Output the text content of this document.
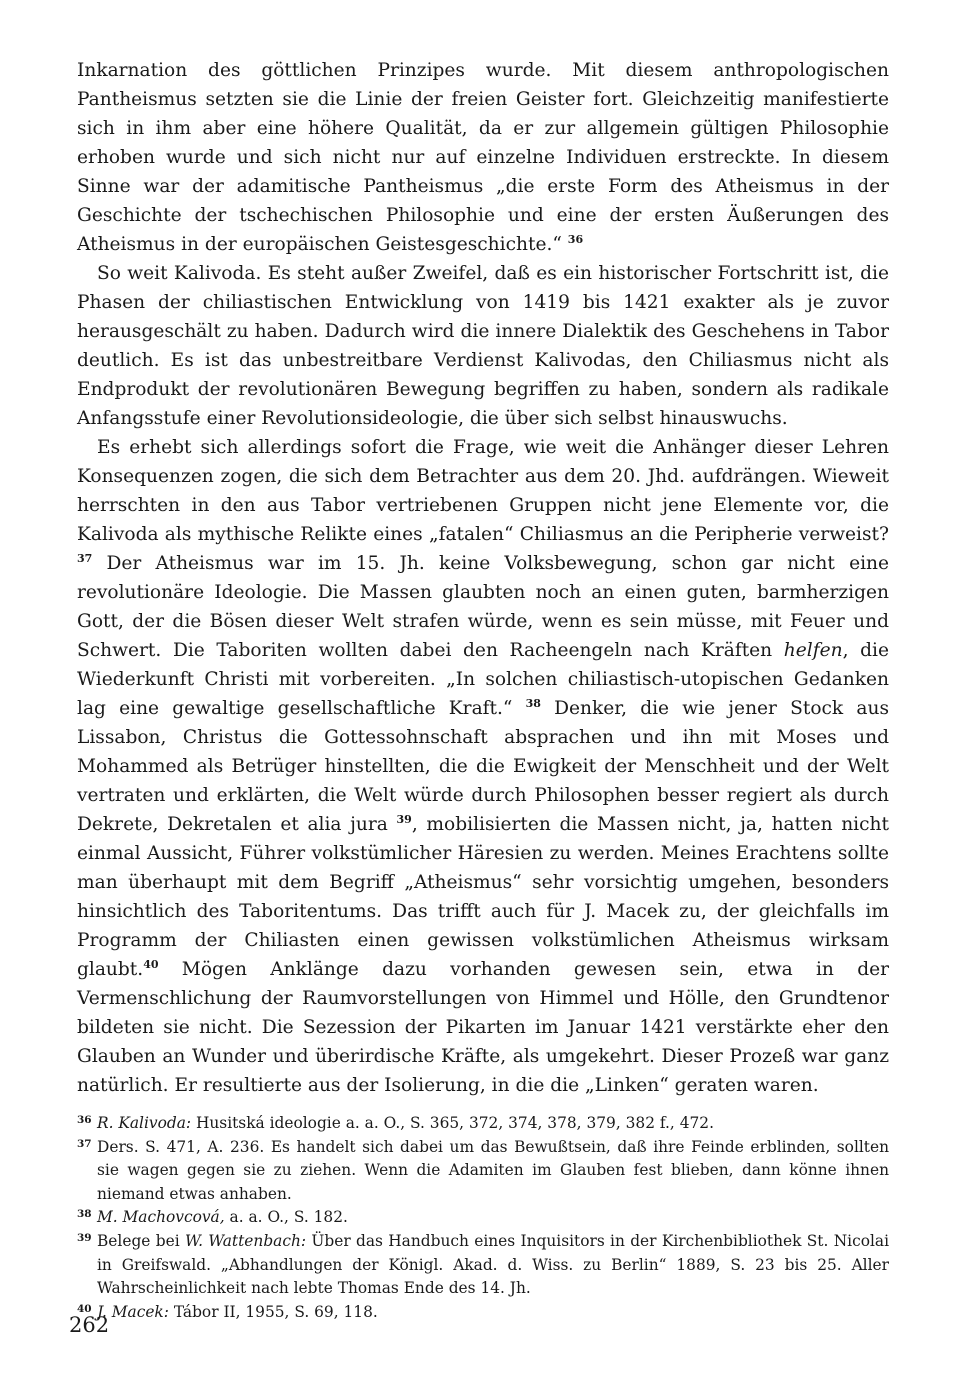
Inkarnation des göttlichen Prinzipes wurde. Mit diesem anthropologischen Pantheismus setzten sie die Linie der freien Geister fort. Gleichzeitig manifestierte sich in ihm aber eine höhere Qualität, da er zur allgemein gültigen Philosophie erhoben wurde und sich nicht nur auf einzelne Individuen erstreckte. In diesem Sinne war der adamitische Pantheismus „die erste Form des Atheismus in der Geschichte der tschechischen Philosophie und eine der ersten Äußerungen des Atheismus in der europäischen Geistesgeschichte.“ $^{36}$

So weit Kalivoda. Es steht außer Zweifel, daß es ein historischer Fortschritt ist, die Phasen der chiliastischen Entwicklung von 1419 bis 1421 exakter als je zuvor herausgeschält zu haben. Dadurch wird die innere Dialektik des Geschehens in Tabor deutlich. Es ist das unbestreitbare Verdienst Kalivodas, den Chiliasmus nicht als Endprodukt der revolutionären Bewegung begriffen zu haben, sondern als radikale Anfangsstufe einer Revolutionsideologie, die über sich selbst hinauswuchs.

Es erhebt sich allerdings sofort die Frage, wie weit die Anhänger dieser Lehren Konsequenzen zogen, die sich dem Betrachter aus dem 20. Jhd. aufdrängen. Wieweit herrschten in den aus Tabor vertriebenen Gruppen nicht jene Elemente vor, die Kalivoda als mythische Relikte eines „fatalen“ Chiliasmus an die Peripherie verweist? $^{37}$ Der Atheismus war im 15. Jh. keine Volksbewegung, schon gar nicht eine revolutionäre Ideologie. Die Massen glaubten noch an einen guten, barmherzigen Gott, der die Bösen dieser Welt strafen würde, wenn es sein müsse, mit Feuer und Schwert. Die Taboriten wollten dabei den Racheengeln nach Kräften helfen, die Wiederkunft Christi mit vorbereiten. „In solchen chiliastisch-utopischen Gedanken lag eine gewaltige gesellschaftliche Kraft.“ $^{38}$ Denker, die wie jener Stock aus Lissabon, Christus die Gottessohnschaft absprachen und ihn mit Moses und Mohammed als Betrüger hinstellten, die die Ewigkeit der Menschheit und der Welt vertraten und erklärten, die Welt würde durch Philosophen besser regiert als durch Dekrete, Dekretalen et alia jura $^{39}$, mobilisierten die Massen nicht, ja, hatten nicht einmal Aussicht, Führer volkstümlicher Häresien zu werden. Meines Erachtens sollte man überhaupt mit dem Begriff „Atheismus“ sehr vorsichtig umgehen, besonders hinsichtlich des Taboritentums. Das trifft auch für J. Macek zu, der gleichfalls im Programm der Chiliasten einen gewissen volkstümlichen Atheismus wirksam glaubt.$^{40}$ Mögen Anklänge dazu vorhanden gewesen sein, etwa in der Vermenschlichung der Raumvorstellungen von Himmel und Hölle, den Grundtenor bildeten sie nicht. Die Sezession der Pikarten im Januar 1421 verstärkte eher den Glauben an Wunder und überirdische Kräfte, als umgekehrt. Dieser Prozeß war ganz natürlich. Er resultierte aus der Isolierung, in die die „Linken“ geraten waren.

36 R. Kalivoda: Husitská ideologie a. a. O., S. 365, 372, 374, 378, 379, 382 f., 472.

37 Ders. S. 471, A. 236. Es handelt sich dabei um das Bewußtsein, daß ihre Feinde erblinden, sollten sie wagen gegen sie zu ziehen. Wenn die Adamiten im Glauben fest blieben, dann könne ihnen niemand etwas anhaben.

38 M. Machovcová, a. a. O., S. 182.

39 Belege bei W. Wattenbach: Über das Handbuch eines Inquisitors in der Kirchenbibliothek St. Nicolai in Greifswald. „Abhandlungen der Königl. Akad. d. Wiss. zu Berlin“ 1889, S. 23 bis 25. Aller Wahrscheinlichkeit nach lebte Thomas Ende des 14. Jh.

40 J. Macek: Tábor II, 1955, S. 69, 118.

262
